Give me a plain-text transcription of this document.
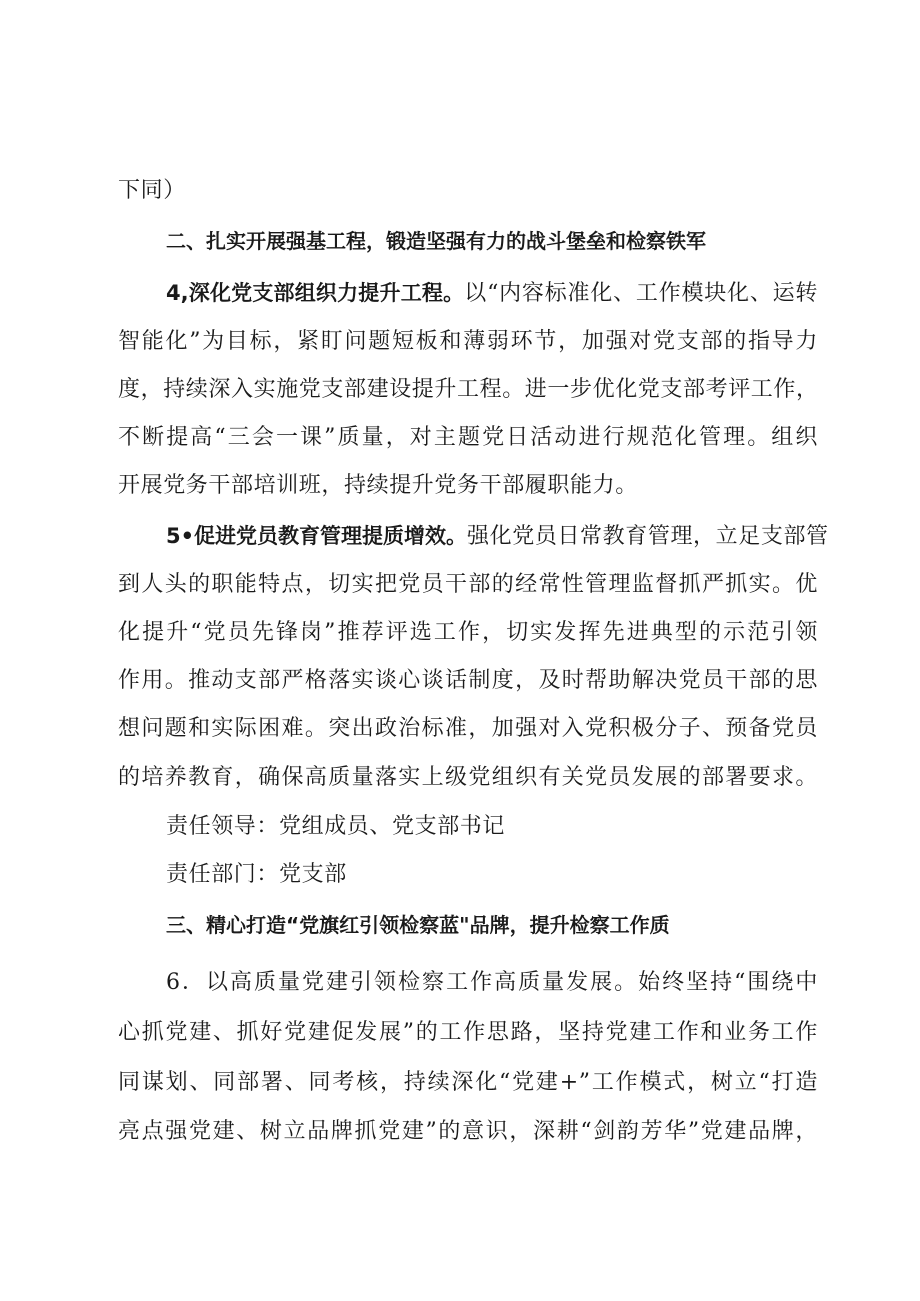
下同）
二、扎实开展强基工程，锻造坚强有力的战斗堡垒和检察铁军
4,深化党支部组织力提升工程。以“内容标准化、工作模块化、运转
智能化”为目标，紧盯问题短板和薄弱环节，加强对党支部的指导力
度，持续深入实施党支部建设提升工程。进一步优化党支部考评工作，
不断提高“三会一课”质量，对主题党日活动进行规范化管理。组织
开展党务干部培训班，持续提升党务干部履职能力。
5•促进党员教育管理提质增效。强化党员日常教育管理，立足支部管
到人头的职能特点，切实把党员干部的经常性管理监督抓严抓实。优
化提升“党员先锋岗”推荐评选工作，切实发挥先进典型的示范引领
作用。推动支部严格落实谈心谈话制度，及时帮助解决党员干部的思
想问题和实际困难。突出政治标准，加强对入党积极分子、预备党员
的培养教育，确保高质量落实上级党组织有关党员发展的部署要求。
责任领导：党组成员、党支部书记
责任部门：党支部
三、精心打造“党旗红引领检察蓝"品牌，提升检察工作质
6．以高质量党建引领检察工作高质量发展。始终坚持“围绕中
心抓党建、抓好党建促发展”的工作思路，坚持党建工作和业务工作
同谋划、同部署、同考核，持续深化“党建+”工作模式，树立“打造
亮点强党建、树立品牌抓党建”的意识，深耕“剑韵芳华”党建品牌，
